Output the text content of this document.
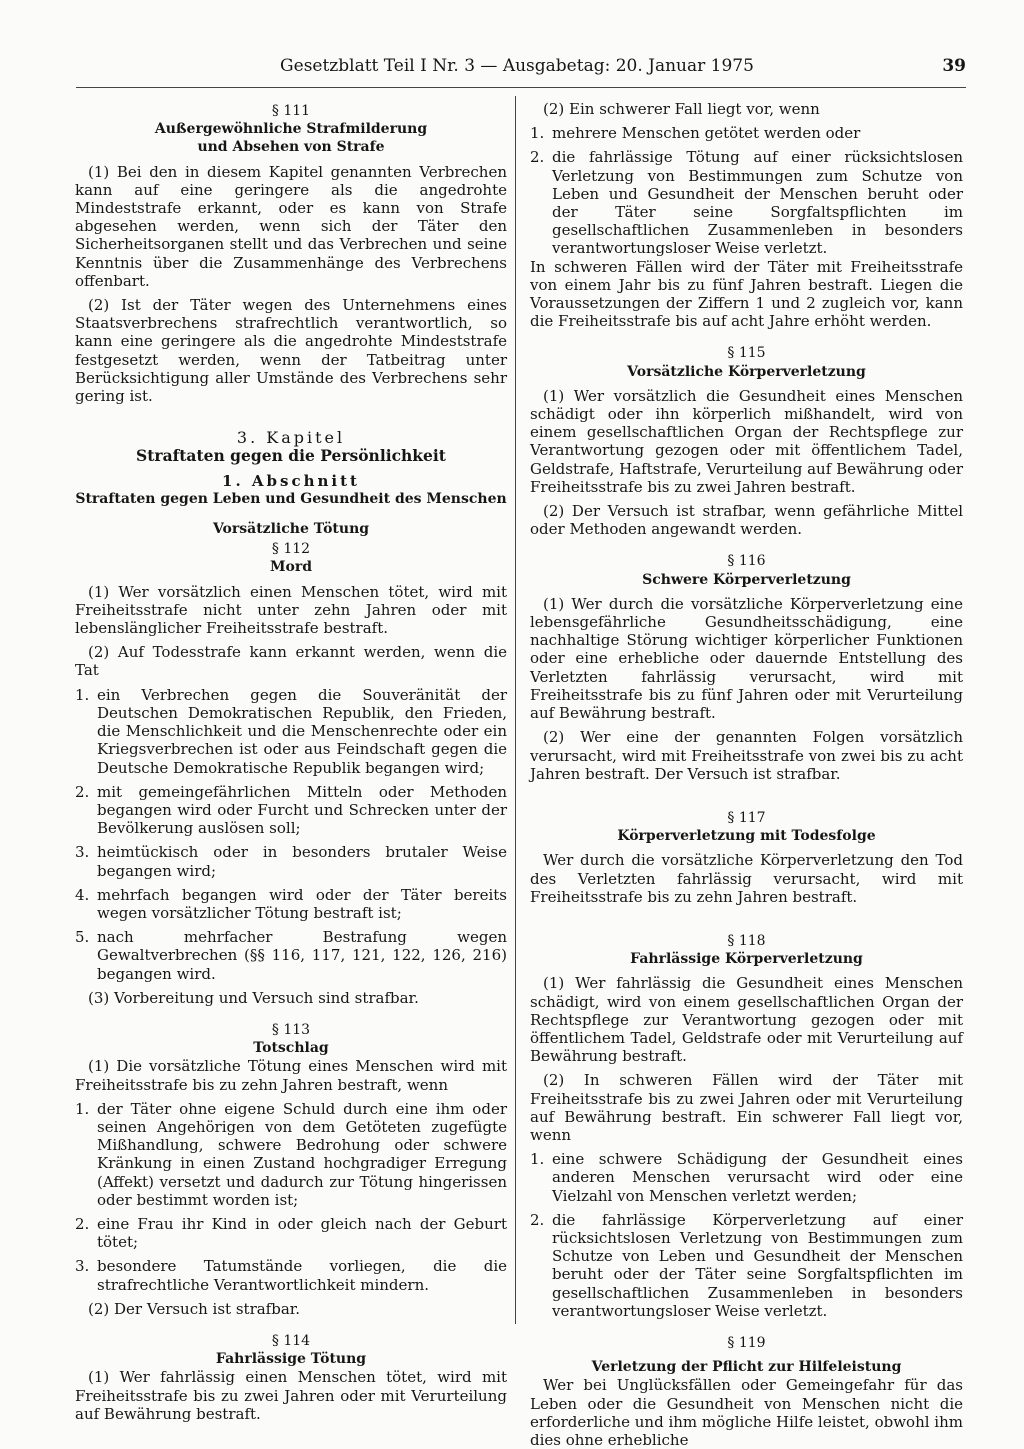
Gesetzblatt Teil I Nr. 3 — Ausgabetag: 20. Januar 1975	39
§ 111
Außergewöhnliche Strafmilderung
und Absehen von Strafe

(1) Bei den in diesem Kapitel genannten Verbrechen kann auf eine geringere als die angedrohte Mindeststrafe erkannt, oder es kann von Strafe abgesehen werden, wenn sich der Täter den Sicherheitsorganen stellt und das Verbrechen und seine Kenntnis über die Zusammenhänge des Verbrechens offenbart.

(2) Ist der Täter wegen des Unternehmens eines Staatsverbrechens strafrechtlich verantwortlich, so kann eine geringere als die angedrohte Mindeststrafe festgesetzt werden, wenn der Tatbeitrag unter Berücksichtigung aller Umstände des Verbrechens sehr gering ist.

3. Kapitel
Straftaten gegen die Persönlichkeit
1. Abschnitt
Straftaten gegen Leben und Gesundheit des Menschen
Vorsätzliche Tötung
§ 112
Mord

(1) Wer vorsätzlich einen Menschen tötet, wird mit Freiheitsstrafe nicht unter zehn Jahren oder mit lebenslänglicher Freiheitsstrafe bestraft.

(2) Auf Todesstrafe kann erkannt werden, wenn die Tat

1. ein Verbrechen gegen die Souveränität der Deutschen Demokratischen Republik, den Frieden, die Menschlichkeit und die Menschenrechte oder ein Kriegsverbrechen ist oder aus Feindschaft gegen die Deutsche Demokratische Republik begangen wird;
2. mit gemeingefährlichen Mitteln oder Methoden begangen wird oder Furcht und Schrecken unter der Bevölkerung auslösen soll;
3. heimtückisch oder in besonders brutaler Weise begangen wird;
4. mehrfach begangen wird oder der Täter bereits wegen vorsätzlicher Tötung bestraft ist;
5. nach mehrfacher Bestrafung wegen Gewaltverbrechen (§§ 116, 117, 121, 122, 126, 216) begangen wird.

(3) Vorbereitung und Versuch sind strafbar.

§ 113
Totschlag

(1) Die vorsätzliche Tötung eines Menschen wird mit Freiheitsstrafe bis zu zehn Jahren bestraft, wenn

1. der Täter ohne eigene Schuld durch eine ihm oder seinen Angehörigen von dem Getöteten zugefügte Mißhandlung, schwere Bedrohung oder schwere Kränkung in einen Zustand hochgradiger Erregung (Affekt) versetzt und dadurch zur Tötung hingerissen oder bestimmt worden ist;
2. eine Frau ihr Kind in oder gleich nach der Geburt tötet;
3. besondere Tatumstände vorliegen, die die strafrechtliche Verantwortlichkeit mindern.

(2) Der Versuch ist strafbar.

§ 114
Fahrlässige Tötung

(1) Wer fahrlässig einen Menschen tötet, wird mit Freiheitsstrafe bis zu zwei Jahren oder mit Verurteilung auf Bewährung bestraft.

(2) Ein schwerer Fall liegt vor, wenn

1. mehrere Menschen getötet werden oder
2. die fahrlässige Tötung auf einer rücksichtslosen Verletzung von Bestimmungen zum Schutze von Leben und Gesundheit der Menschen beruht oder der Täter seine Sorgfaltspflichten im gesellschaftlichen Zusammenleben in besonders verantwortungsloser Weise verletzt.

In schweren Fällen wird der Täter mit Freiheitsstrafe von einem Jahr bis zu fünf Jahren bestraft. Liegen die Voraussetzungen der Ziffern 1 und 2 zugleich vor, kann die Freiheitsstrafe bis auf acht Jahre erhöht werden.

§ 115
Vorsätzliche Körperverletzung

(1) Wer vorsätzlich die Gesundheit eines Menschen schädigt oder ihn körperlich mißhandelt, wird von einem gesellschaftlichen Organ der Rechtspflege zur Verantwortung gezogen oder mit öffentlichem Tadel, Geldstrafe, Haftstrafe, Verurteilung auf Bewährung oder Freiheitsstrafe bis zu zwei Jahren bestraft.

(2) Der Versuch ist strafbar, wenn gefährliche Mittel oder Methoden angewandt werden.

§ 116
Schwere Körperverletzung

(1) Wer durch die vorsätzliche Körperverletzung eine lebensgefährliche Gesundheitsschädigung, eine nachhaltige Störung wichtiger körperlicher Funktionen oder eine erhebliche oder dauernde Entstellung des Verletzten fahrlässig verursacht, wird mit Freiheitsstrafe bis zu fünf Jahren oder mit Verurteilung auf Bewährung bestraft.

(2) Wer eine der genannten Folgen vorsätzlich verursacht, wird mit Freiheitsstrafe von zwei bis zu acht Jahren bestraft. Der Versuch ist strafbar.

§ 117
Körperverletzung mit Todesfolge

Wer durch die vorsätzliche Körperverletzung den Tod des Verletzten fahrlässig verursacht, wird mit Freiheitsstrafe bis zu zehn Jahren bestraft.

§ 118
Fahrlässige Körperverletzung

(1) Wer fahrlässig die Gesundheit eines Menschen schädigt, wird von einem gesellschaftlichen Organ der Rechtspflege zur Verantwortung gezogen oder mit öffentlichem Tadel, Geldstrafe oder mit Verurteilung auf Bewährung bestraft.

(2) In schweren Fällen wird der Täter mit Freiheitsstrafe bis zu zwei Jahren oder mit Verurteilung auf Bewährung bestraft. Ein schwerer Fall liegt vor, wenn

1. eine schwere Schädigung der Gesundheit eines anderen Menschen verursacht wird oder eine Vielzahl von Menschen verletzt werden;
2. die fahrlässige Körperverletzung auf einer rücksichtslosen Verletzung von Bestimmungen zum Schutze von Leben und Gesundheit der Menschen beruht oder der Täter seine Sorgfaltspflichten im gesellschaftlichen Zusammenleben in besonders verantwortungsloser Weise verletzt.
§ 119
Verletzung der Pflicht zur Hilfeleistung

Wer bei Unglücksfällen oder Gemeingefahr für das Leben oder die Gesundheit von Menschen nicht die erforderliche und ihm mögliche Hilfe leistet, obwohl ihm dies ohne erhebliche
